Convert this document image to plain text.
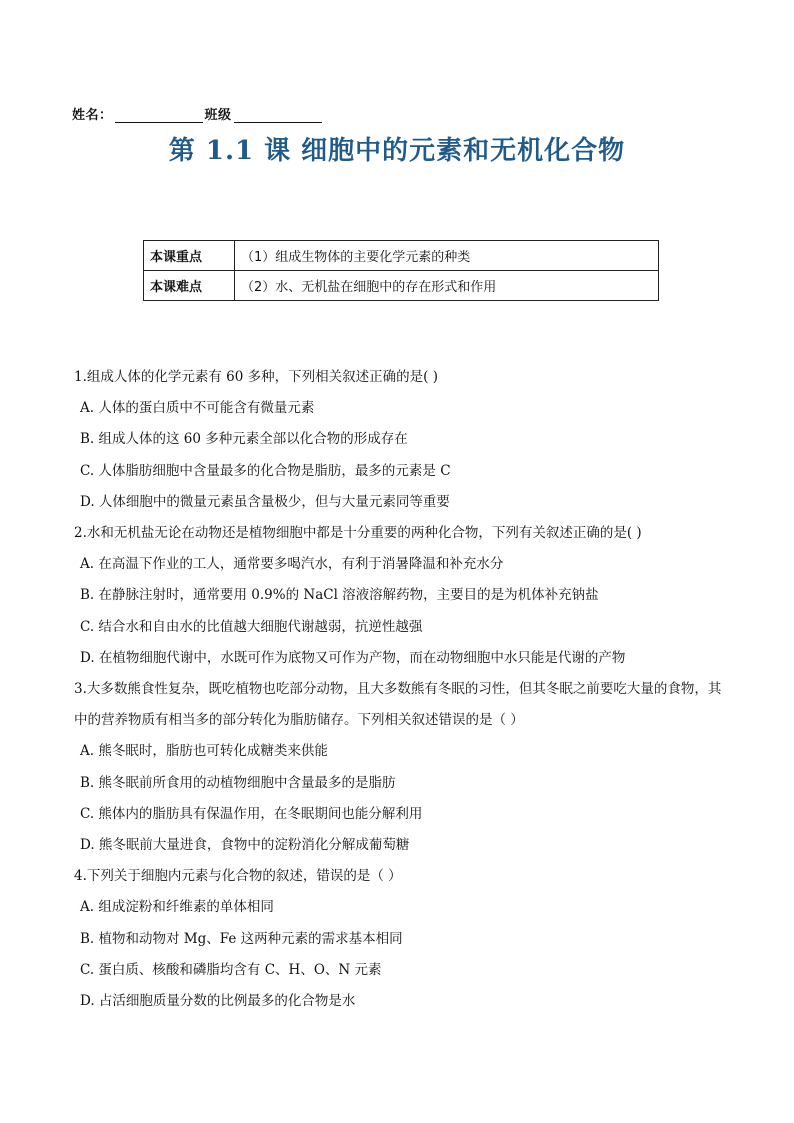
姓名：	班级
第 1.1 课 细胞中的元素和无机化合物
本课重点	（1）组成生物体的主要化学元素的种类
本课难点	（2）水、无机盐在细胞中的存在形式和作用
1.组成人体的化学元素有 60 多种，下列相关叙述正确的是( )
A. 人体的蛋白质中不可能含有微量元素
B. 组成人体的这 60 多种元素全部以化合物的形成存在
C. 人体脂肪细胞中含量最多的化合物是脂肪，最多的元素是 C
D. 人体细胞中的微量元素虽含量极少，但与大量元素同等重要
2.水和无机盐无论在动物还是植物细胞中都是十分重要的两种化合物，下列有关叙述正确的是( )
A. 在高温下作业的工人，通常要多喝汽水，有利于消暑降温和补充水分
B. 在静脉注射时，通常要用 0.9%的 NaCl 溶液溶解药物，主要目的是为机体补充钠盐
C. 结合水和自由水的比值越大细胞代谢越弱，抗逆性越强
D. 在植物细胞代谢中，水既可作为底物又可作为产物，而在动物细胞中水只能是代谢的产物
3.大多数熊食性复杂，既吃植物也吃部分动物，且大多数熊有冬眠的习性，但其冬眠之前要吃大量的食物，其中的营养物质有相当多的部分转化为脂肪储存。下列相关叙述错误的是（ ）
A. 熊冬眠时，脂肪也可转化成糖类来供能
B. 熊冬眠前所食用的动植物细胞中含量最多的是脂肪
C. 熊体内的脂肪具有保温作用，在冬眠期间也能分解利用
D. 熊冬眠前大量进食，食物中的淀粉消化分解成葡萄糖
4.下列关于细胞内元素与化合物的叙述，错误的是（ ）
A. 组成淀粉和纤维素的单体相同
B. 植物和动物对 Mg、Fe 这两种元素的需求基本相同
C. 蛋白质、核酸和磷脂均含有 C、H、O、N 元素
D. 占活细胞质量分数的比例最多的化合物是水
